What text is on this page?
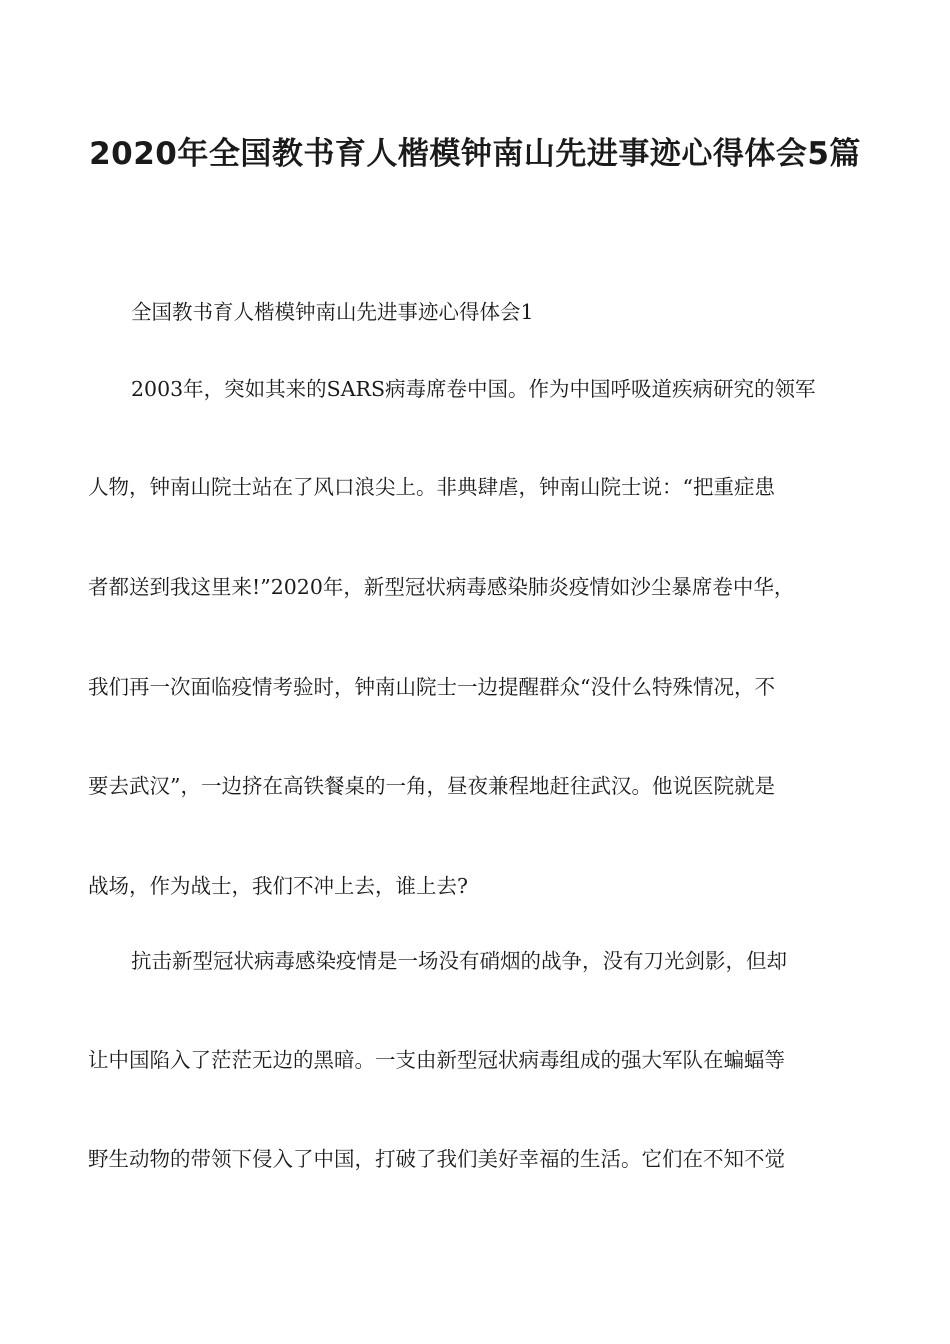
2020年全国教书育人楷模钟南山先进事迹心得体会5篇

全国教书育人楷模钟南山先进事迹心得体会1

2003年，突如其来的SARS病毒席卷中国。作为中国呼吸道疾病研究的领军

人物，钟南山院士站在了风口浪尖上。非典肆虐，钟南山院士说：“把重症患

者都送到我这里来!”2020年，新型冠状病毒感染肺炎疫情如沙尘暴席卷中华，

我们再一次面临疫情考验时，钟南山院士一边提醒群众“没什么特殊情况，不

要去武汉”，一边挤在高铁餐桌的一角，昼夜兼程地赶往武汉。他说医院就是

战场，作为战士，我们不冲上去，谁上去?

抗击新型冠状病毒感染疫情是一场没有硝烟的战争，没有刀光剑影，但却

让中国陷入了茫茫无边的黑暗。一支由新型冠状病毒组成的强大军队在蝙蝠等

野生动物的带领下侵入了中国，打破了我们美好幸福的生活。它们在不知不觉
